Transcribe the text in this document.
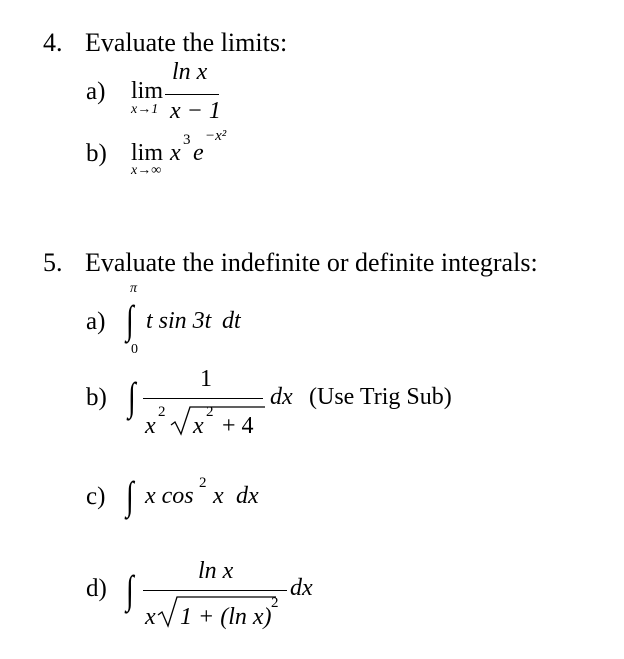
4. Evaluate the limits:
a) lim
x→1
ln x
x − 1
b) lim x 3 e
−x²
x→∞
5. Evaluate the indefinite or definite integrals:
a)
π
∫
0
t sin 3t dt
b) ∫	1
x
2
x
2
+ 4
dx (Use Trig Sub)
c) ∫ x cos 2 x dx
d) ∫	ln x
x 1 + (ln x)
2
dx
